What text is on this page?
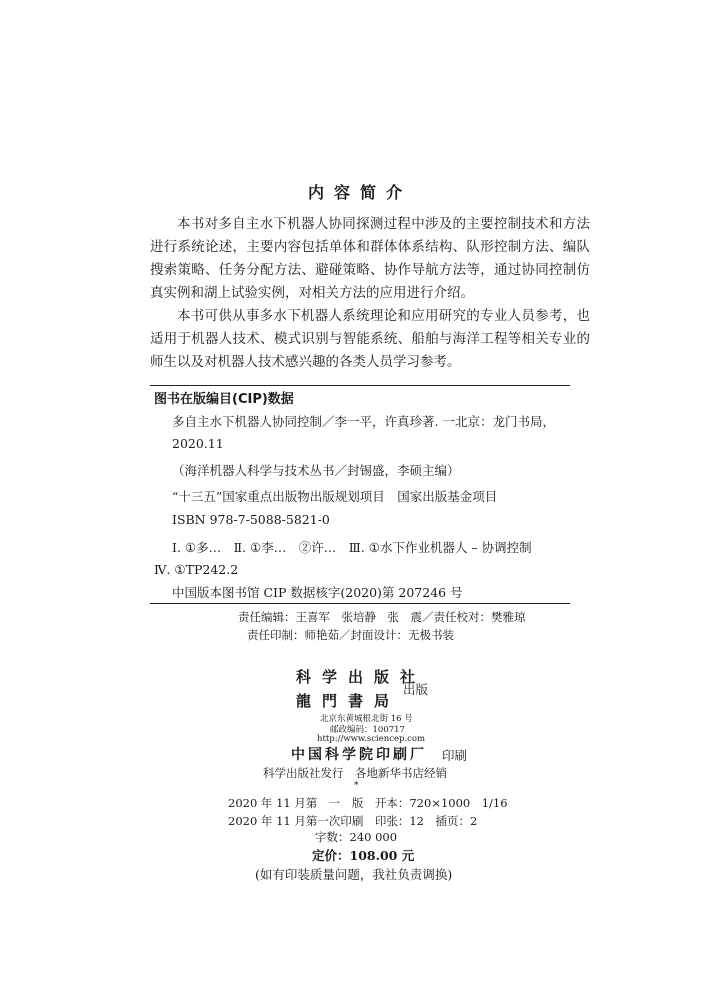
内容简介

本书对多自主水下机器人协同探测过程中涉及的主要控制技术和方法进行系统论述，主要内容包括单体和群体体系结构、队形控制方法、编队搜索策略、任务分配方法、避碰策略、协作导航方法等，通过协同控制仿真实例和湖上试验实例，对相关方法的应用进行介绍。

本书可供从事多水下机器人系统理论和应用研究的专业人员参考，也适用于机器人技术、模式识别与智能系统、船舶与海洋工程等相关专业的师生以及对机器人技术感兴趣的各类人员学习参考。

图书在版编目(CIP)数据
多自主水下机器人协同控制／李一平，许真珍著. 一北京：龙门书局，
2020.11
（海洋机器人科学与技术丛书／封锡盛，李硕主编）
“十三五”国家重点出版物出版规划项目　国家出版基金项目
ISBN 978-7-5088-5821-0
Ⅰ. ①多…　Ⅱ. ①李…　②许…　Ⅲ. ①水下作业机器人 – 协调控制
Ⅳ. ①TP242.2
中国版本图书馆 CIP 数据核字(2020)第 207246 号
责任编辑：王喜军　张培静　张　震／责任校对：樊雅琼
责任印制：师艳茹／封面设计：无极书装
科学出版社
龍門書局
出版
北京东黄城根北街 16 号
邮政编码：100717
http://www.sciencep.com
中国科学院印刷厂 印刷
科学出版社发行　各地新华书店经销
*
2020 年 11 月第　一　版　开本：720×1000　1/16
2020 年 11 月第一次印刷　印张：12　插页：2
字数：240 000
定价：108.00 元
(如有印装质量问题，我社负责调换)
